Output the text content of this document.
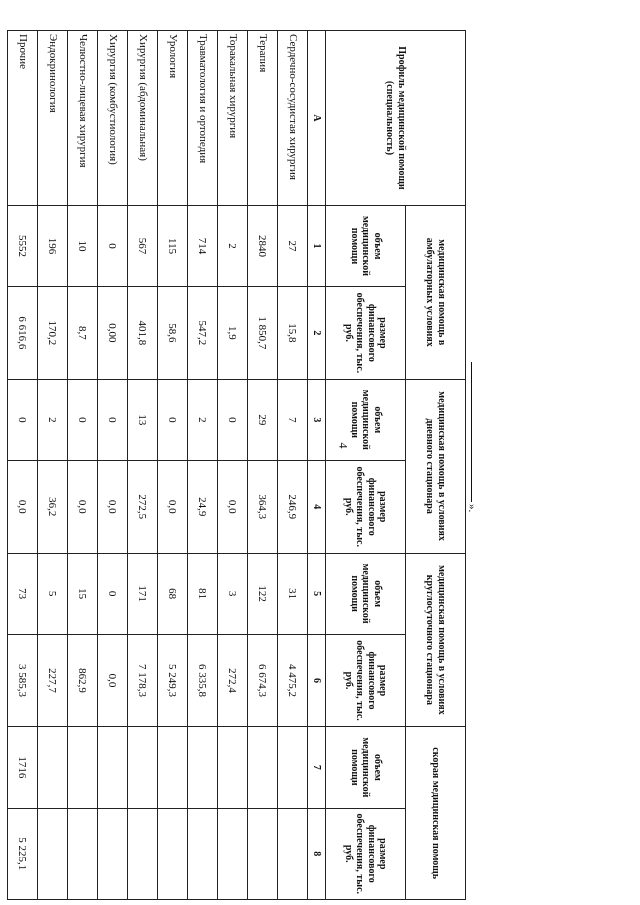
4
».
Профиль медицинской помощи (специальность)	медицинская помощь в амбулаторных условиях		медицинская помощь в условиях дневного стационара		медицинская помощь в условиях круглосуточного стационара		скорая медицинская помощь	
	объем медицинской помощи	размер финансового обеспечения, тыс. руб.	объем медицинской помощи	размер финансового обеспечения, тыс. руб.	объем медицинской помощи	размер финансового обеспечения, тыс. руб.	объем медицинской помощи	размер финансового обеспечения, тыс. руб.
А	1	2	3	4	5	6	7	8
Сердечно-сосудистая хирургия	27	15,8	7	246,9	31	4 475,2		
Терапия	2840	1 850,7	29	364,3	122	6 674,3		
Торакальная хирургия	2	1,9	0	0,0	3	272,4		
Травматология и ортопедия	714	547,2	2	24,9	81	6 335,8		
Урология	115	58,6	0	0,0	68	5 249,3		
Хирургия (абдоминальная)	567	401,8	13	272,5	171	7 178,3		
Хирургия (комбустиология)	0	0,00	0	0,0	0	0,0		
Челюстно-лицевая хирургия	10	8,7	0	0,0	15	862,9		
Эндокринология	196	170,2	2	36,2	5	227,7		
Прочие	5552	6 616,6	0	0,0	73	3 585,3	1716	5 225,1
